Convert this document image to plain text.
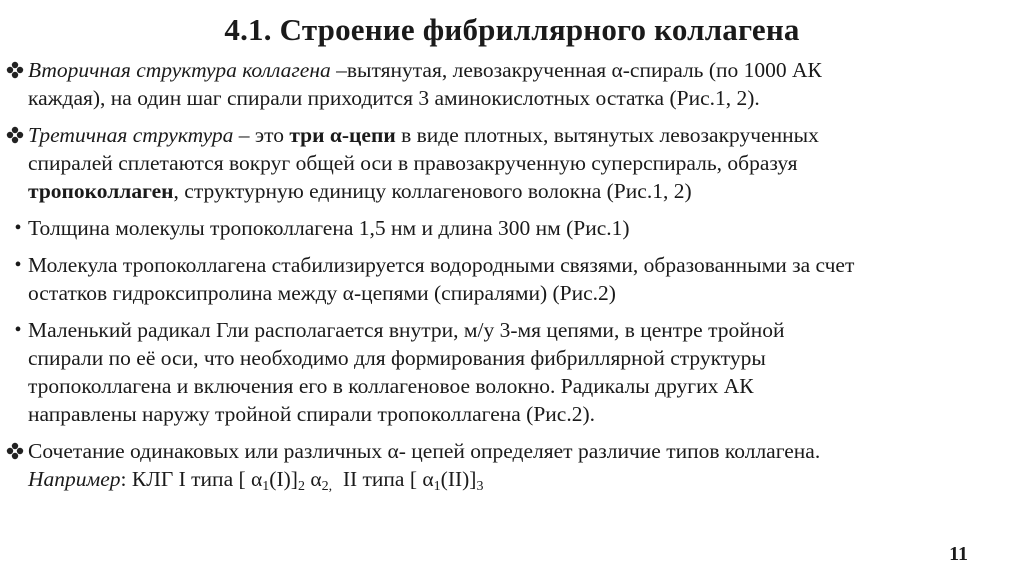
4.1. Строение фибриллярного коллагена
Вторичная структура коллагена –вытянутая, левозакрученная α-спираль (по 1000 АК
каждая), на один шаг спирали приходится 3 аминокислотных остатка (Рис.1, 2).
Третичная структура – это три α-цепи в виде плотных, вытянутых левозакрученных
спиралей сплетаются вокруг общей оси в правозакрученную суперспираль, образуя
тропоколлаген, структурную единицу коллагенового волокна (Рис.1, 2)
• Толщина молекулы тропоколлагена 1,5 нм и длина 300 нм (Рис.1)
• Молекула тропоколлагена стабилизируется водородными связями, образованными за счет
остатков гидроксипролина между α-цепями (спиралями) (Рис.2)
• Маленький радикал Гли располагается внутри, м/у 3-мя цепями, в центре тройной
спирали по её оси, что необходимо для формирования фибриллярной структуры
тропоколлагена и включения его в коллагеновое волокно. Радикалы других АК
направлены наружу тройной спирали тропоколлагена (Рис.2).
Сочетание одинаковых или различных α- цепей определяет различие типов коллагена.
Например: КЛГ I типа [ $\alpha_1(I)]_2$ $\alpha_{2,}$  II типа [ $\alpha_1(II)]_3$
11
